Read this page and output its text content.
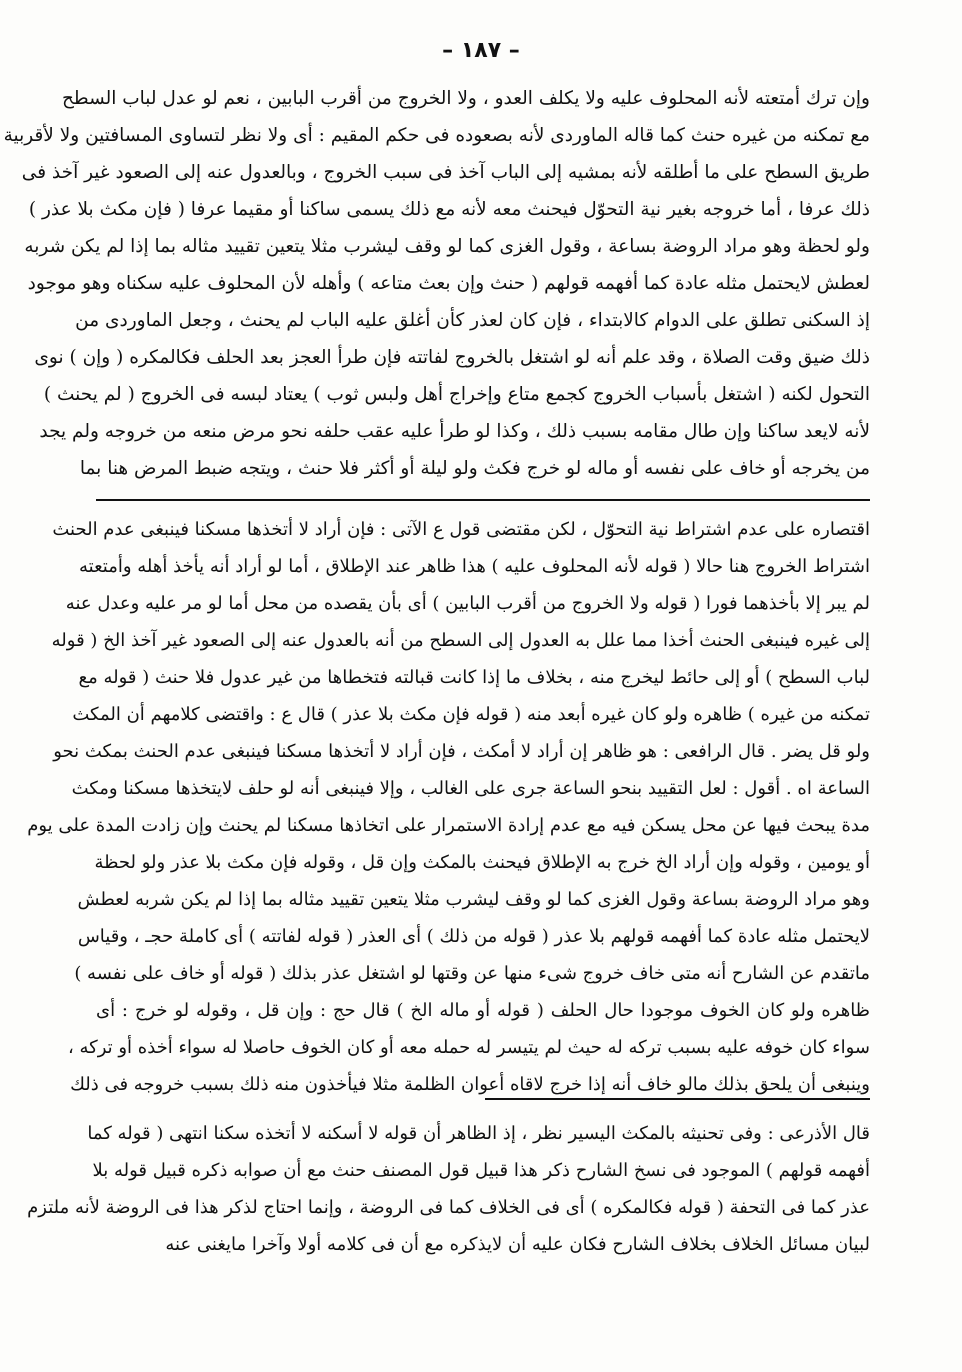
– ١٨٧ –
وإن ترك أمتعته لأنه المحلوف عليه ولا يكلف العدو ، ولا الخروج من أقرب البابين ، نعم لو عدل لباب السطح
مع تمكنه من غيره حنث كما قاله الماوردى لأنه بصعوده فى حكم المقيم : أى ولا نظر لتساوى المسافتين ولا لأقربية
طريق السطح على ما أطلقه لأنه بمشيه إلى الباب آخذ فى سبب الخروج ، وبالعدول عنه إلى الصعود غير آخذ فى
ذلك عرفا ، أما خروجه بغير نية التحوّل فيحنث معه لأنه مع ذلك يسمى ساكنا أو مقيما عرفا ( فإن مكث بلا عذر )
ولو لحظة وهو مراد الروضة بساعة ، وقول الغزى كما لو وقف ليشرب مثلا يتعين تقييد مثاله بما إذا لم يكن شربه
لعطش لايحتمل مثله عادة كما أفهمه قولهم ( حنث وإن بعث متاعه ) وأهله لأن المحلوف عليه سكناه وهو موجود
إذ السكنى تطلق على الدوام كالابتداء ، فإن كان لعذر كأن أغلق عليه الباب لم يحنث ، وجعل الماوردى من
ذلك ضيق وقت الصلاة ، وقد علم أنه لو اشتغل بالخروج لفاتته فإن طرأ العجز بعد الحلف فكالمكره ( وإن ) نوى
التحول لكنه ( اشتغل بأسباب الخروج كجمع متاع وإخراج أهل ولبس ثوب ) يعتاد لبسه فى الخروج ( لم يحنث )
لأنه لايعد ساكنا وإن طال مقامه بسبب ذلك ، وكذا لو طرأ عليه عقب حلفه نحو مرض منعه من خروجه ولم يجد
من يخرجه أو خاف على نفسه أو ماله لو خرج فكث ولو ليلة أو أكثر فلا حنث ، ويتجه ضبط المرض هنا بما
اقتصاره على عدم اشتراط نية التحوّل ، لكن مقتضى قول ع الآتى : فإن أراد لا أتخذها مسكنا فينبغى عدم الحنث
اشتراط الخروج هنا حالا ( قوله لأنه المحلوف عليه ) هذا ظاهر عند الإطلاق ، أما لو أراد أنه يأخذ أهله وأمتعته
لم يبر إلا بأخذهما فورا ( قوله ولا الخروج من أقرب البابين ) أى بأن يقصده من محل أما لو مر عليه وعدل عنه
إلى غيره فينبغى الحنث أخذا مما علل به العدول إلى السطح من أنه بالعدول عنه إلى الصعود غير آخذ الخ ( قوله
لباب السطح ) أو إلى حائط ليخرج منه ، بخلاف ما إذا كانت قبالته فتخطاها من غير عدول فلا حنث ( قوله مع
تمكنه من غيره ) ظاهره ولو كان غيره أبعد منه ( قوله فإن مكث بلا عذر ) قال ع : واقتضى كلامهم أن المكث
ولو قل يضر . قال الرافعى : هو ظاهر إن أراد لا أمكث ، فإن أراد لا أتخذها مسكنا فينبغى عدم الحنث بمكث نحو
الساعة اه . أقول : لعل التقييد بنحو الساعة جرى على الغالب ، وإلا فينبغى أنه لو حلف لايتخذها مسكنا ومكث
مدة يبحث فيها عن محل يسكن فيه مع عدم إرادة الاستمرار على اتخاذها مسكنا لم يحنث وإن زادت المدة على يوم
أو يومين ، وقوله وإن أراد الخ خرج به الإطلاق فيحنث بالمكث وإن قل ، وقوله فإن مكث بلا عذر ولو لحظة
وهو مراد الروضة بساعة وقول الغزى كما لو وقف ليشرب مثلا يتعين تقييد مثاله بما إذا لم يكن شربه لعطش
لايحتمل مثله عادة كما أفهمه قولهم بلا عذر ( قوله من ذلك ) أى العذر ( قوله لفاتته ) أى كاملة حجـ ، وقياس
ماتقدم عن الشارح أنه متى خاف خروج شىء منها عن وقتها لو اشتغل عذر بذلك ( قوله أو خاف على نفسه )
ظاهره ولو كان الخوف موجودا حال الحلف ( قوله أو ماله الخ ) قال حج : وإن قل ، وقوله لو خرج : أى
سواء كان خوفه عليه بسبب تركه له حيث لم يتيسر له حمله معه أو كان الخوف حاصلا له سواء أخذه أو تركه ،
وينبغى أن يلحق بذلك مالو خاف أنه إذا خرج لاقاه أعوان الظلمة مثلا فيأخذون منه ذلك بسبب خروجه فى ذلك
قال الأذرعى : وفى تحنيثه بالمكث اليسير نظر ، إذ الظاهر أن قوله لا أسكنه لا أتخذه سكنا انتهى ( قوله كما
أفهمه قولهم ) الموجود فى نسخ الشارح ذكر هذا قبيل قول المصنف حنث مع أن صوابه ذكره قبيل قوله بلا
عذر كما فى التحفة ( قوله فكالمكره ) أى فى الخلاف كما فى الروضة ، وإنما احتاج لذكر هذا فى الروضة لأنه ملتزم
لبيان مسائل الخلاف بخلاف الشارح فكان عليه أن لايذكره مع أن فى كلامه أولا وآخرا مايغنى عنه
